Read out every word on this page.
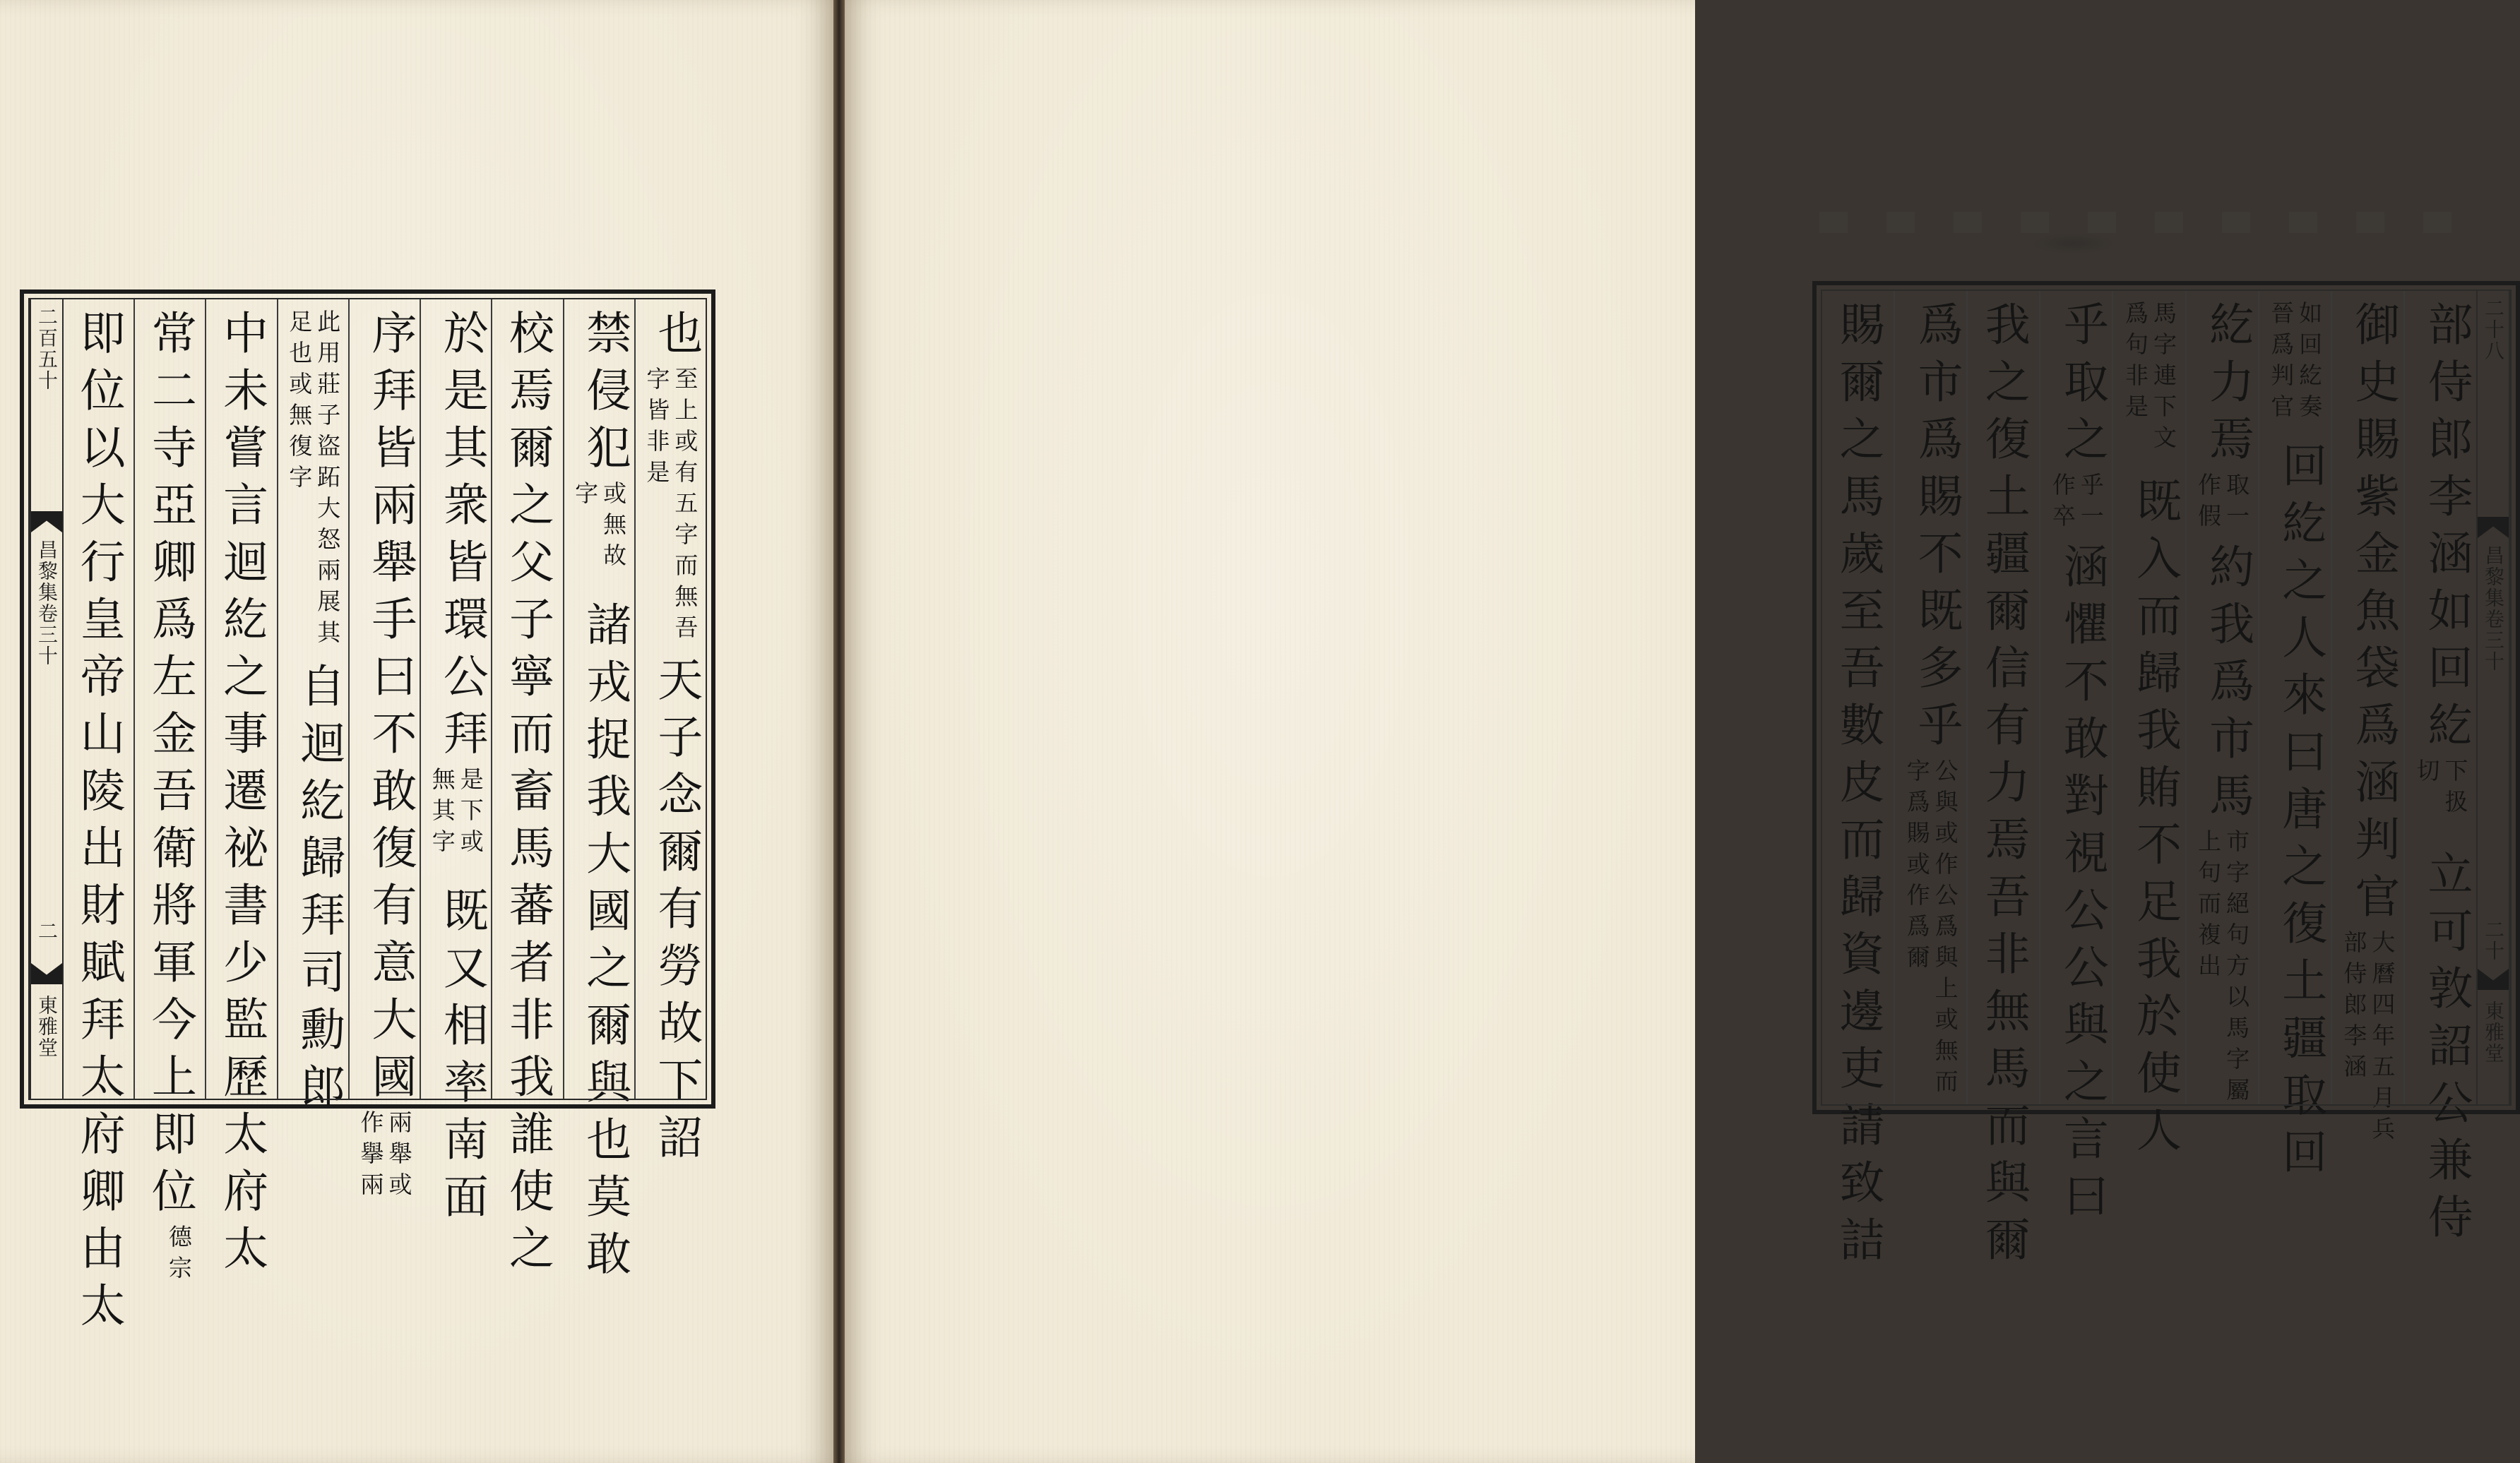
二百五十
昌黎集卷三十
二
東雅堂
也至上或有五字而無吾字皆非是天子念爾有勞故下詔
禁侵犯或無故字諸戎捉我大國之爾與也莫敢
校焉爾之父子寧而畜馬蕃者非我誰使之
於是其衆皆環公拜是下或無其字既又相率南面
序拜皆兩舉手曰不敢復有意大國兩舉或作擧兩
此用莊子盜跖大怒兩展其足也或無復字自迴紇歸拜司勳郎
中未嘗言迴紇之事遷祕書少監歷太府太
常二寺亞卿爲左金吾衛將軍今上即位德宗
即位以大行皇帝山陵出財賦拜太府卿由太	二十八
昌黎集卷三十
二十
東雅堂
部侍郎李涵如回紇下扱切立可敦詔公兼侍
御史賜紫金魚袋爲涵判官大曆四年五月兵部侍郎李涵
如回紇奏晉爲判官回紇之人來曰唐之復土疆取回
紇力焉取一作假約我爲市馬市字絕句方以馬字屬上句而複出
馬字連下文爲句非是既入而歸我賄不足我於使人
乎取之乎一作卒涵懼不敢對視公公與之言曰
我之復土疆爾信有力焉吾非無馬而與爾
爲市爲賜不既多乎公與或作公爲與上或無而字爲賜或作爲爾
賜爾之馬歲至吾數皮而歸資邊吏請致詰
